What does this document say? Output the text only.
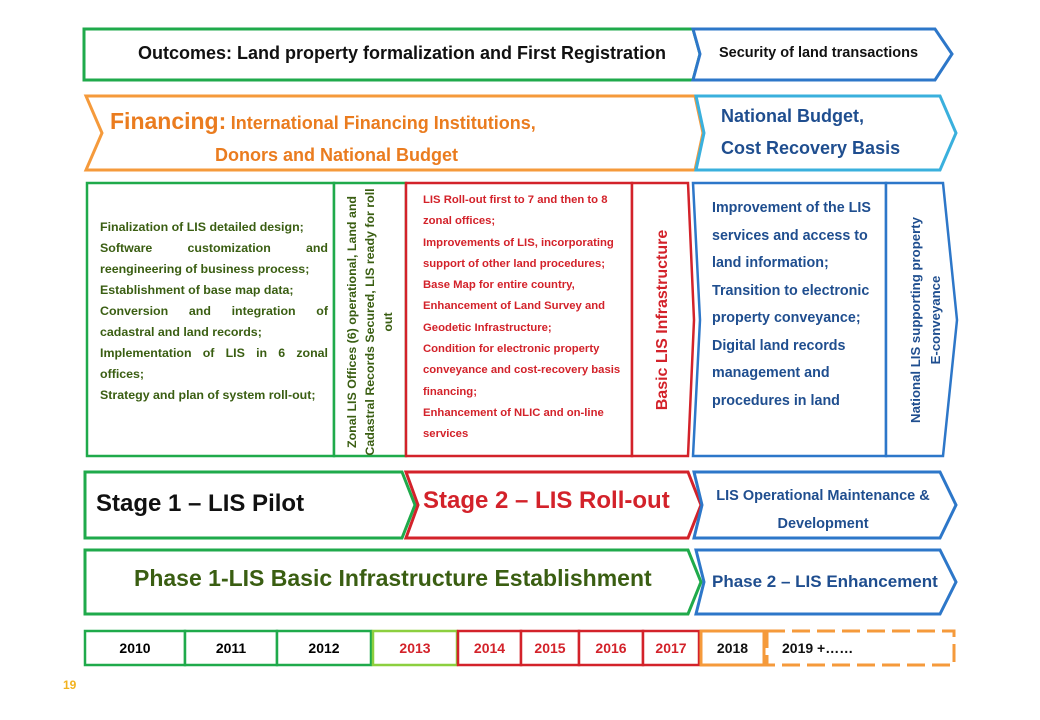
Outcomes: Land property formalization and First Registration	Security of land transactions
Financing: International Financing Institutions,
Donors and National Budget
National Budget,
Cost Recovery Basis
Finalization of LIS detailed design;
Software customization and reengineering of business process;
Establishment of base map data;
Conversion and integration of cadastral and land records;
Implementation of LIS in 6 zonal offices;
Strategy and plan of system roll-out;	Zonal LIS Offices (6) operational, Land and Cadastral Records Secured, LIS ready for roll out
LIS Roll-out first to 7 and then to 8 zonal offices;
Improvements of LIS, incorporating support of other land procedures;
Base Map for entire country, Enhancement of Land Survey and Geodetic Infrastructure;
Condition for electronic property conveyance and cost-recovery basis financing;
Enhancement of NLIC and on-line services
Basic LIS Infrastructure
Improvement of the LIS services and access to land information;
Transition to electronic property conveyance;
Digital land records management and procedures in land	National LIS supporting property E-conveyance
Stage 1 – LIS Pilot	Stage 2 – LIS Roll-out	LIS Operational Maintenance &
Development
Phase 1-LIS Basic Infrastructure Establishment	Phase 2 – LIS Enhancement
2010	2011	2012	2013	2014	2015	2016	2017	2018	2019 +……
19
